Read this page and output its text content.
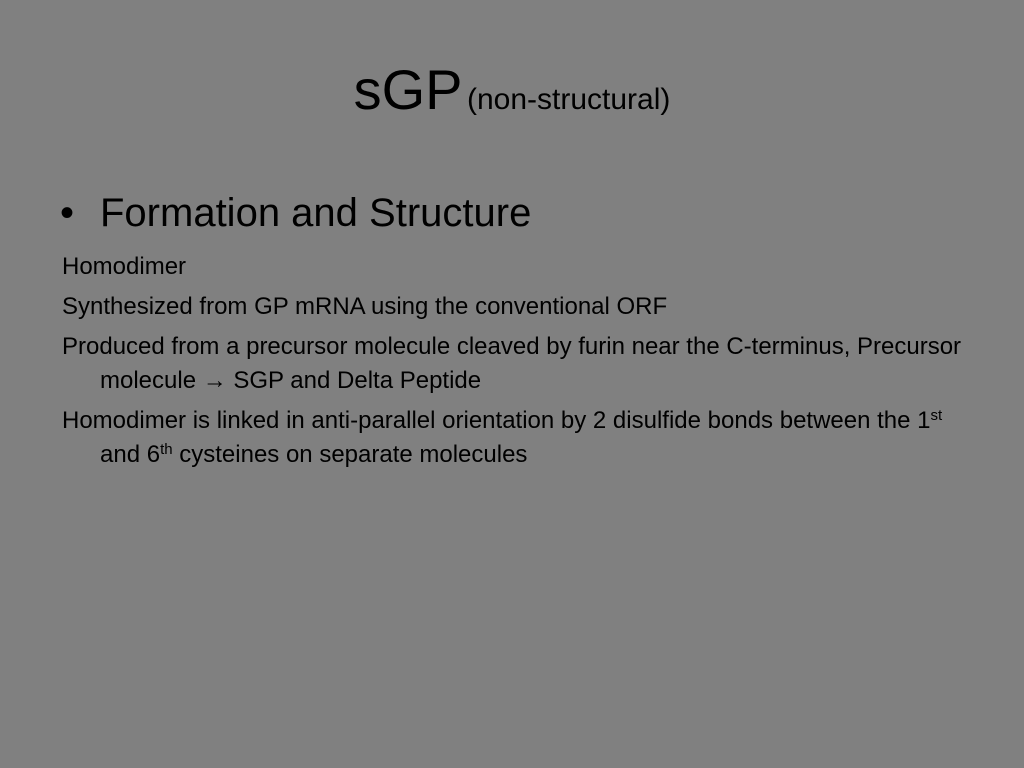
sGP (non-structural)
• Formation and Structure
Homodimer
Synthesized from GP mRNA using the conventional ORF
Produced from a precursor molecule cleaved by furin near the C-terminus, Precursor molecule → SGP and Delta Peptide
Homodimer is linked in anti-parallel orientation by 2 disulfide bonds between the 1st and 6th cysteines on separate molecules
